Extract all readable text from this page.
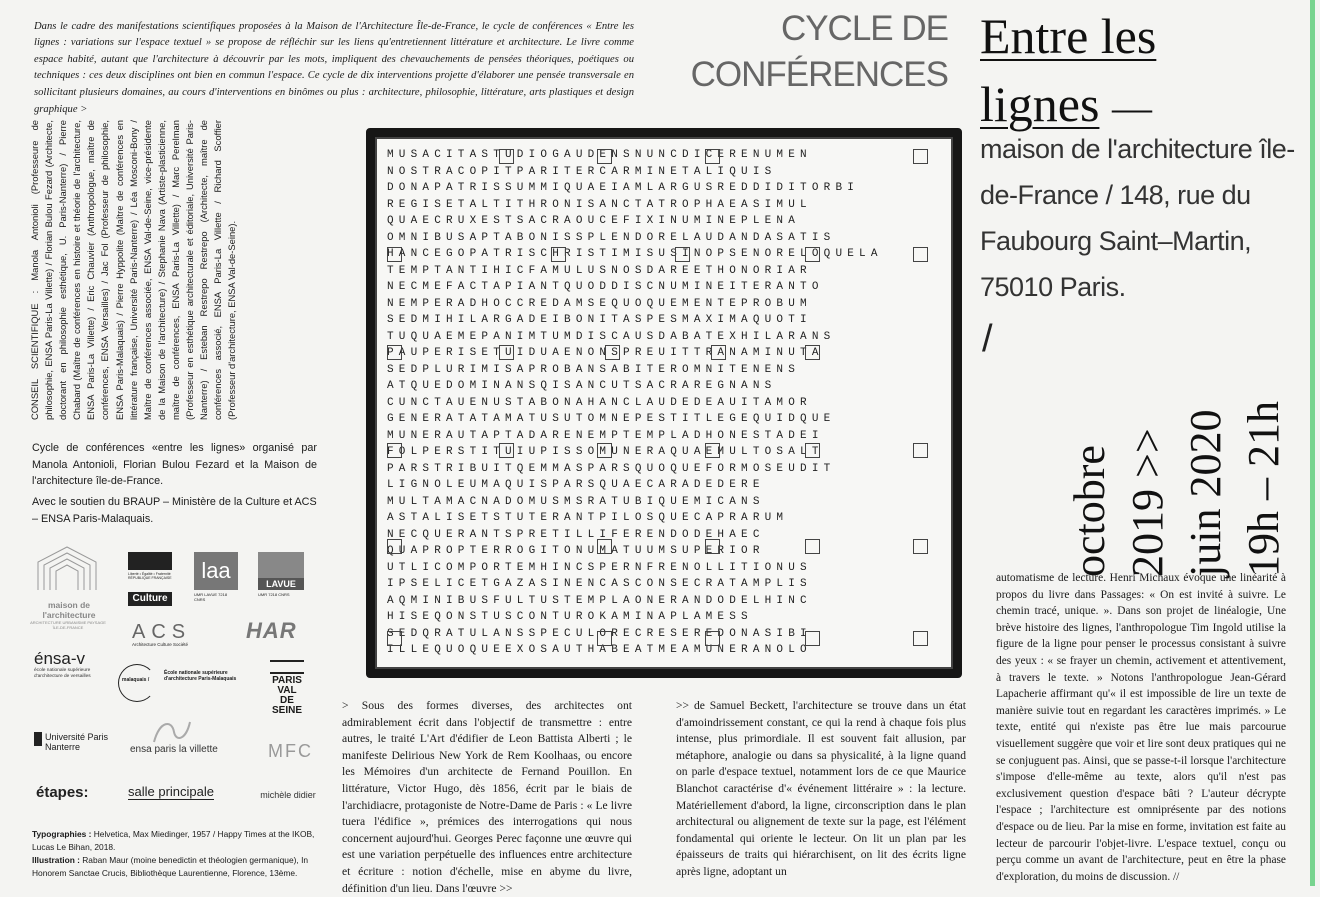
Dans le cadre des manifestations scientifiques proposées à la Maison de l'Architecture Île-de-France, le cycle de conférences « Entre les lignes : variations sur l'espace textuel » se propose de réfléchir sur les liens qu'entretiennent littérature et architecture. Le livre comme espace habité, autant que l'architecture à découvrir par les mots, impliquent des chevauchements de pensées théoriques, poétiques ou techniques : ces deux disciplines ont bien en commun l'espace. Ce cycle de dix interventions projette d'élaborer une pensée transversale en sollicitant plusieurs domaines, au cours d'interventions en binômes ou plus : architecture, philosophie, littérature, arts plastiques et design graphique >

CYCLE DE
CONFÉRENCES
Entre les
lignes —
maison de l'architecture île-de-France / 148, rue du Faubourg Saint–Martin, 75010 Paris.
/
octobre 2019 >> juin 2020 19h – 21h
CONSEIL SCIENTIFIQUE : Manola Antonioli (Professeure de philosophie, ENSA Paris-La Villette) / Florian Bulou Fezard (Architecte, doctorant en philosophie esthétique, U. Paris-Nanterre) / Pierre Chabard (Maître de conférences en histoire et théorie de l'architecture, ENSA Paris-La Villette) / Eric Chauvier (Anthropologue, maître de conférences, ENSA Versailles) / Jac Fol (Professeur de philosophie, ENSA Paris-Malaquais) / Pierre Hyppolite (Maître de conférences en littérature française, Université Paris-Nanterre) / Léa Mosconi-Bony / Maître de conférences associée, ENSA Val-de-Seine, vice-présidente de la Maison de l'architecture) / Stephanie Nava (Artiste-plasticienne, maître de conférences, ENSA Paris-La Villette) / Marc Perelman (Professeur en esthétique architecturale et éditoriale, Université Paris-Nanterre) / Esteban Restrepo Restrepo (Architecte, maître de conférences associé, ENSA Paris-La Villette / Richard Scoffier (Professeur d'architecture, ENSA Val-de-Seine).

Cycle de conférences «entre les lignes» organisé par Manola Antonioli, Florian Bulou Fezard et la Maison de l'architecture île-de-France.

Avec le soutien du BRAUP – Ministère de la Culture et ACS – ENSA Paris-Malaquais.

maison de l'architecture
ARCHITECTURE URBANISME PAYSAGE ÎLE-DE-FRANCE
Liberté • Égalité • Fraternité RÉPUBLIQUE FRANÇAISE
Culture
laa
UMR LAVUE 7218 CNRS
LAVUE
UMR 7218 CNRS
ACS
Architecture Culture Société
HAR
énsa-v
école nationale supérieure d'architecture de versailles
malaquais /
École nationale supérieure d'architecture Paris-Malaquais	PARIS VAL DE SEINE
Université Paris Nanterre	ensa paris la villette	MFC
michèle didier
étapes:	salle principale
Typographies : Helvetica, Max Miedinger, 1957 / Happy Times at the IKOB, Lucas Le Bihan, 2018.
Illustration : Raban Maur (moine benedictin et théologien germanique), In Honorem Sanctae Crucis, Bibliothèque Laurentienne, Florence, 13ème.
MUSACITASTUDIOGAUDENSNUNCDICERENUMEN
NOSTRACOPITPARITERCARMINETALIQUIS
DONAPATRISSUMMIQUAEIAMLARGUSREDDIDITORBI
REGISETALTITHRONISANCTATROPHAEASIMUL
QUAECRUXESTSACRAOUCEFIXINUMINEPLENA
OMNIBUSAPTABONISSPLENDORELAUDANDASATIS
HANCEGOPATRISCHRISTIMISUSINOPSENORELOQUELA
TEMPTANTIHICFAMULUSNOSDAREETHONORIAR
NECMEFACTAPIANTQUODDISCNUMINEITERANTO
NEMPERADHOCCREDAMSEQUOQUEMENTEPROBUM
SEDMIHILARGADEIBONITASPESMAXIMAQUOTI
TUQUAEMEPANIMTUMDISCAUSDABATEXHILARANS
PAUPERISETUIDUAENONSPREUITTRANAMINUTA
SEDPLURIMISAPROBANSABITEROMNITENENS
ATQUEDOMINANSQISANCUTSACRAREGNANS
CUNCTAUENUSTABONAHANCLAUDEDEAUITAMOR
GENERATATAMATUSUTOMNEPESTITLEGEQUIDQUE
MUNERAUTAPTADARENEMPTEMPLADHONESTADEI
FOLPERSTITUIUPISSOMUNERAQUAEMULTOSALT
PARSTRIBUITQEMMASPARSQUOQUEFORMOSEUDIT
LIGNOLEUMAQUISPARSQUAECARADEDERE
MULTAMACNADOMUSMSRATUBIQUEMICANS
ASTALISETSTUTERANTPILOSQUECAPRARUM
NECQUERANTSPRETILLIFERENDODEHAEC
QUAPROPTERROGITONUMATUUMSUPERIOR
UTLICOMPORTEMHINCSPERNFRENOLLITIONUS
IPSELICETGAZASINENCASCONSECRATAMPLIS
AQMINIBUSFULTUSTEMPLAONERANDODELHINC
HISEQONSTUSCONTUROKAMINAPLAMESS
SEDQRATULANSSPECULORECRESEREDONASIBI
ILLEQUOQUEEXOSAUTHABEATMEAMUNERANOLO

> Sous des formes diverses, des architectes ont admirablement écrit dans l'objectif de transmettre : entre autres, le traité L'Art d'édifier de Leon Battista Alberti ; le manifeste Delirious New York de Rem Koolhaas, ou encore les Mémoires d'un architecte de Fernand Pouillon. En littérature, Victor Hugo, dès 1856, écrit par le biais de l'archidiacre, protagoniste de Notre-Dame de Paris : « Le livre tuera l'édifice », prémices des interrogations qui nous concernent aujourd'hui. Georges Perec façonne une œuvre qui est une variation perpétuelle des influences entre architecture et écriture : notion d'échelle, mise en abyme du livre, définition d'un lieu. Dans l'œuvre >>

>> de Samuel Beckett, l'architecture se trouve dans un état d'amoindrissement constant, ce qui la rend à chaque fois plus intense, plus primordiale. Il est souvent fait allusion, par métaphore, analogie ou dans sa physicalité, à la ligne quand on parle d'espace textuel, notamment lors de ce que Maurice Blanchot caractérise d'« événement littéraire » : la lecture. Matériellement d'abord, la ligne, circonscription dans le plan architectural ou alignement de texte sur la page, est l'élément fondamental qui oriente le lecteur. On lit un plan par les épaisseurs de traits qui hiérarchisent, on lit des écrits ligne après ligne, adoptant un

automatisme de lecture. Henri Michaux évoque une linéarité à propos du livre dans Passages: « On est invité à suivre. Le chemin tracé, unique. ». Dans son projet de linéalogie, Une brève histoire des lignes, l'anthropologue Tim Ingold utilise la figure de la ligne pour penser le processus consistant à suivre des yeux : « se frayer un chemin, activement et attentivement, à travers le texte. » Notons l'anthropologue Jean-Gérard Lapacherie affirmant qu'« il est impossible de lire un texte de manière suivie tout en regardant les caractères imprimés. » Le texte, entité qui n'existe pas être lue mais parcourue visuellement suggère que voir et lire sont deux pratiques qui ne se conjuguent pas. Ainsi, que se passe-t-il lorsque l'architecture s'impose d'elle-même au texte, alors qu'il n'est pas exclusivement question d'espace bâti ? L'auteur décrypte l'espace ; l'architecture est omniprésente par des notions d'espace ou de lieu. Par la mise en forme, invitation est faite au lecteur de parcourir l'objet-livre. L'espace textuel, conçu ou perçu comme un avant de l'architecture, peut en être la phase d'exploration, du moins de discussion. //
